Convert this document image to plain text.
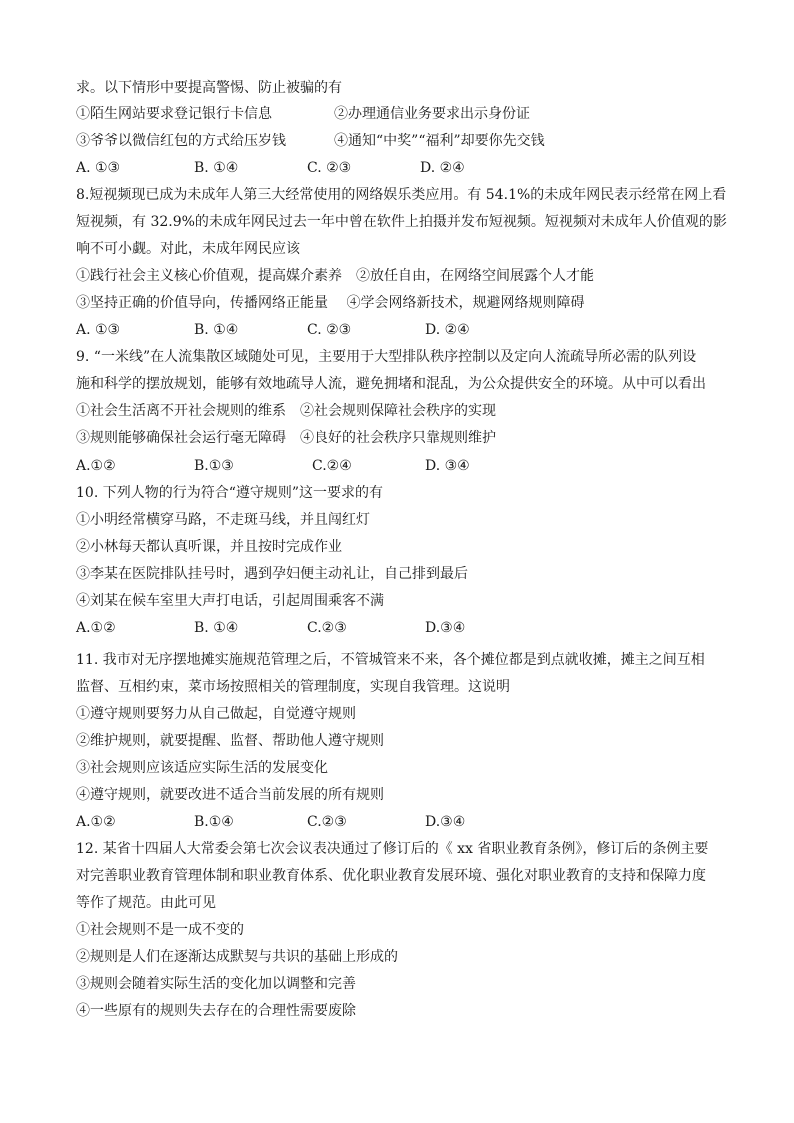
求。以下情形中要提高警惕、防止被骗的有
①陌生网站要求登记银行卡信息	②办理通信业务要求出示身份证
③爷爷以微信红包的方式给压岁钱	④通知“中奖”“福利”却要你先交钱
A. ①③	B. ①④	C. ②③	D. ②④
8.短视频现已成为未成年人第三大经常使用的网络娱乐类应用。有 54.1%的未成年网民表示经常在网上看
短视频，有 32.9%的未成年网民过去一年中曾在软件上拍摄并发布短视频。短视频对未成年人价值观的影
响不可小觑。对此，未成年网民应该
①践行社会主义核心价值观，提高媒介素养　②放任自由，在网络空间展露个人才能
③坚持正确的价值导向，传播网络正能量　 ④学会网络新技术，规避网络规则障碍
A. ①③	B. ①④	C. ②③	D. ②④
9. “一米线”在人流集散区域随处可见，主要用于大型排队秩序控制以及定向人流疏导所必需的队列设
施和科学的摆放规划，能够有效地疏导人流，避免拥堵和混乱，为公众提供安全的环境。从中可以看出
①社会生活离不开社会规则的维系　②社会规则保障社会秩序的实现
③规则能够确保社会运行毫无障碍　④良好的社会秩序只靠规则维护
A.①②	B.①③	C.②④	D. ③④
10. 下列人物的行为符合“遵守规则”这一要求的有
①小明经常横穿马路，不走斑马线，并且闯红灯
②小林每天都认真听课，并且按时完成作业
③李某在医院排队挂号时，遇到孕妇便主动礼让，自己排到最后
④刘某在候车室里大声打电话，引起周围乘客不满
A.①②	B. ①④	C.②③	D.③④
11. 我市对无序摆地摊实施规范管理之后，不管城管来不来，各个摊位都是到点就收摊，摊主之间互相
监督、互相约束，菜市场按照相关的管理制度，实现自我管理。这说明
①遵守规则要努力从自己做起，自觉遵守规则
②维护规则，就要提醒、监督、帮助他人遵守规则
③社会规则应该适应实际生活的发展变化
④遵守规则，就要改进不适合当前发展的所有规则
A.①②	B.①④	C.②③	D.③④
12. 某省十四届人大常委会第七次会议表决通过了修订后的《 xx 省职业教育条例》，修订后的条例主要
对完善职业教育管理体制和职业教育体系、优化职业教育发展环境、强化对职业教育的支持和保障力度
等作了规范。由此可见
①社会规则不是一成不变的
②规则是人们在逐渐达成默契与共识的基础上形成的
③规则会随着实际生活的变化加以调整和完善
④一些原有的规则失去存在的合理性需要废除
